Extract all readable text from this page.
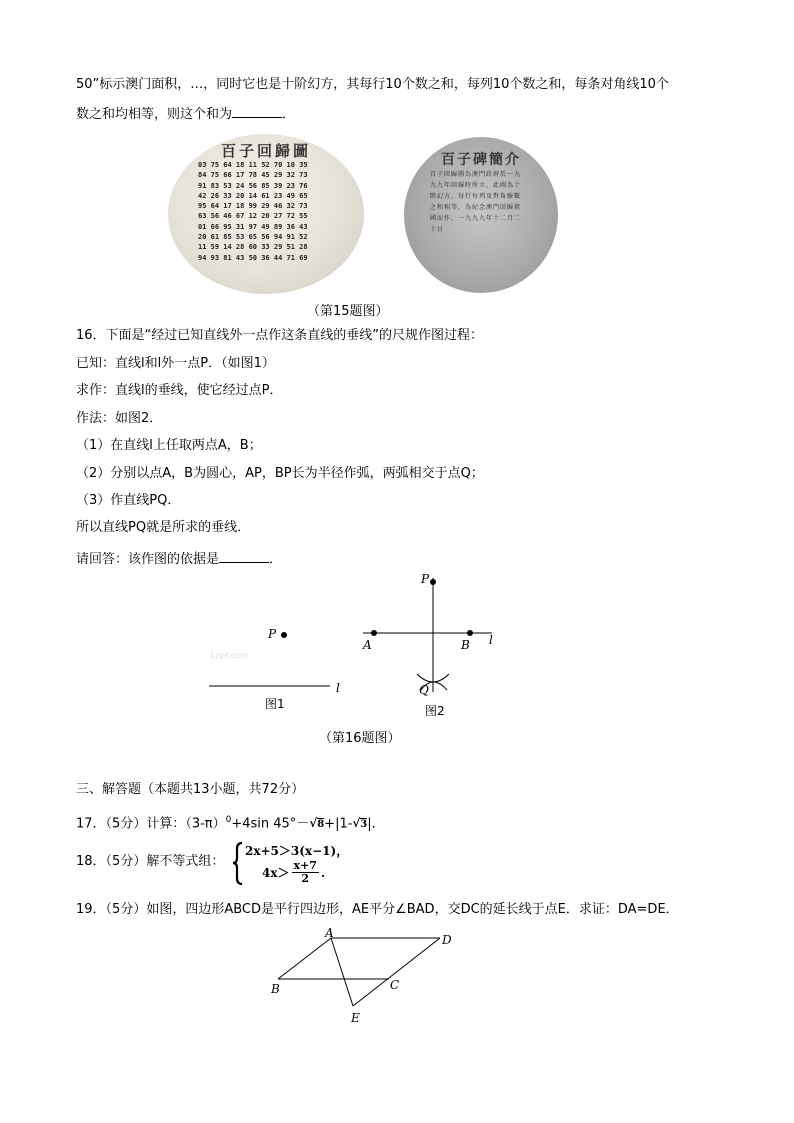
50”标示澳门面积，…，同时它也是十阶幻方，其每行10个数之和，每列10个数之和，每条对角线10个
数之和均相等，则这个和为	．
百子回歸圖
03 75 64 18 11 52 70 10 35
84 75 66 17 78 45 29 32 73
91 83 53 24 56 85 39 23 76
42 26 33 20 14 61 23 49 65
95 64 17 18 99 29 46 32 73
63 56 46 67 12 20 27 72 55
01 66 95 31 97 49 89 36 43
20 61 85 53 65 56 94 91 52
11 59 14 28 60 33 29 51 28
94 93 81 43 50 36 44 71 69
百子碑簡介
百子回歸圖為澳門政府於一九九九年回歸時所立，此圖為十階幻方，每行每列及對角線數之和相等，為紀念澳門回歸祖國而作。一九九九年十二月二十日
（第15题图）
16．下面是“经过已知直线外一点作这条直线的垂线”的尺规作图过程：
已知：直线l和l外一点P．（如图1）
求作：直线l的垂线，使它经过点P．
作法：如图2．
（1）在直线l上任取两点A，B；
（2）分别以点A，B为圆心，AP，BP长为半径作弧，两弧相交于点Q；
（3）作直线PQ．
所以直线PQ就是所求的垂线．
请回答：该作图的依据是	．
P
1ppt.com
l
图1
P
A	B l
Q
图2
（第16题图）
三、解答题（本题共13小题，共72分）
17．（5分）计算：$(3-\pi)^0+4\sin$ 45°－√8+|1-√3|．
18．（5分）解不等式组：
2x+5＞3(x−1)，
$4x> \frac{x+7}{2}$ .
19．（5分）如图，四边形ABCD是平行四边形，AE平分∠BAD，交DC的延长线于点E．求证：DA=DE．
A
B	C
D
E
